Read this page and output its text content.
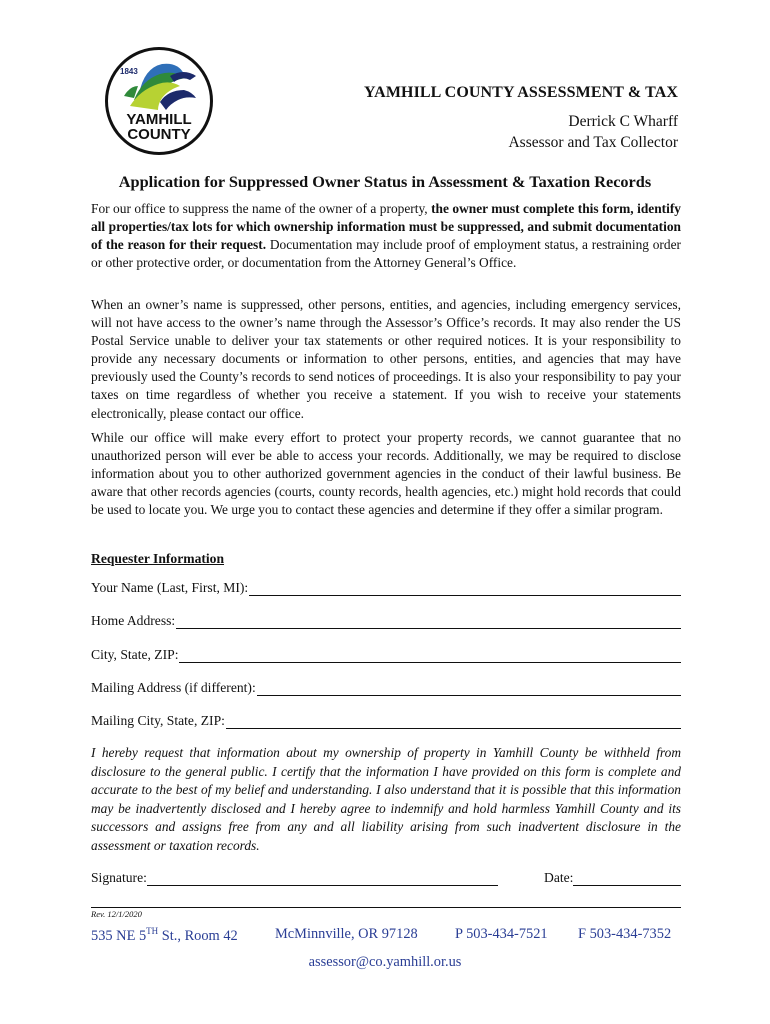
1843
YAMHILL
COUNTY
YAMHILL COUNTY ASSESSMENT & TAX
Derrick C Wharff
Assessor and Tax Collector
Application for Suppressed Owner Status in Assessment & Taxation Records

For our office to suppress the name of the owner of a property, the owner must complete this form, identify all properties/tax lots for which ownership information must be suppressed, and submit documentation of the reason for their request. Documentation may include proof of employment status, a restraining order or other protective order, or documentation from the Attorney General’s Office.

When an owner’s name is suppressed, other persons, entities, and agencies, including emergency services, will not have access to the owner’s name through the Assessor’s Office’s records. It may also render the US Postal Service unable to deliver your tax statements or other required notices. It is your responsibility to provide any necessary documents or information to other persons, entities, and agencies that may have previously used the County’s records to send notices of proceedings. It is also your responsibility to pay your taxes on time regardless of whether you receive a statement. If you wish to receive your statements electronically, please contact our office.

While our office will make every effort to protect your property records, we cannot guarantee that no unauthorized person will ever be able to access your records. Additionally, we may be required to disclose information about you to other authorized government agencies in the conduct of their lawful business. Be aware that other records agencies (courts, county records, health agencies, etc.) might hold records that could be used to locate you. We urge you to contact these agencies and determine if they offer a similar program.

Requester Information
Your Name (Last, First, MI):
Home Address:
City, State, ZIP:
Mailing Address (if different):
Mailing City, State, ZIP:

I hereby request that information about my ownership of property in Yamhill County be withheld from disclosure to the general public. I certify that the information I have provided on this form is complete and accurate to the best of my belief and understanding. I also understand that it is possible that this information may be inadvertently disclosed and I hereby agree to indemnify and hold harmless Yamhill County and its successors and assigns free from any and all liability arising from such inadvertent disclosure in the assessment or taxation records.

Signature:	Date:
Rev. 12/1/2020
535 NE 5TH St., Room 42	McMinnville, OR 97128	P 503-434-7521 F 503-434-7352
assessor@co.yamhill.or.us
